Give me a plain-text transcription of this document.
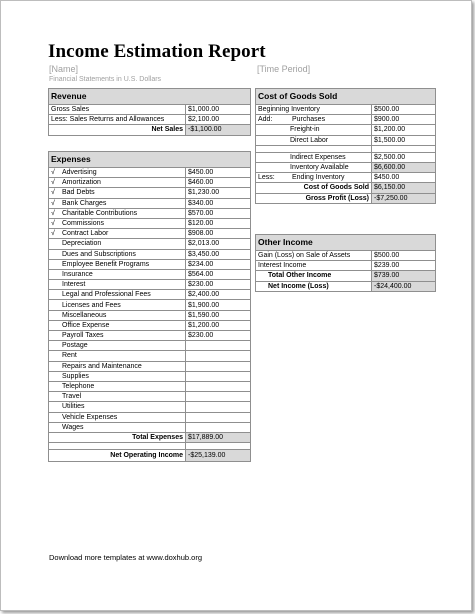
Income Estimation Report
[Name]	[Time Period]
Financial Statements in U.S. Dollars
Revenue	
Gross Sales	$1,000.00
Less: Sales Returns and Allowances	$2,100.00
Net Sales	-$1,100.00
Expenses	
√ Advertising	$450.00
√ Amortization	$460.00
√ Bad Debts	$1,230.00
√ Bank Charges	$340.00
√ Charitable Contributions	$570.00
√ Commissions	$120.00
√ Contract Labor	$908.00
Depreciation	$2,013.00
Dues and Subscriptions	$3,450.00
Employee Benefit Programs	$234.00
Insurance	$564.00
Interest	$230.00
Legal and Professional Fees	$2,400.00
Licenses and Fees	$1,900.00
Miscellaneous	$1,590.00
Office Expense	$1,200.00
Payroll Taxes	$230.00
Postage	
Rent	
Repairs and Maintenance	
Supplies	
Telephone	
Travel	
Utilities	
Vehicle Expenses	
Wages	
Total Expenses	$17,889.00

Net Operating Income	-$25,139.00
Cost of Goods Sold	
Beginning Inventory	$500.00
Add: Purchases	$900.00
Freight-in	$1,200.00
Direct Labor	$1,500.00

Indirect Expenses	$2,500.00
Inventory Available	$6,600.00
Less: Ending Inventory	$450.00
Cost of Goods Sold	$6,150.00
Gross Profit (Loss)	-$7,250.00
Other Income	
Gain (Loss) on Sale of Assets	$500.00
Interest Income	$239.00
Total Other Income	$739.00
Net Income (Loss)	-$24,400.00
Download more templates at www.doxhub.org
